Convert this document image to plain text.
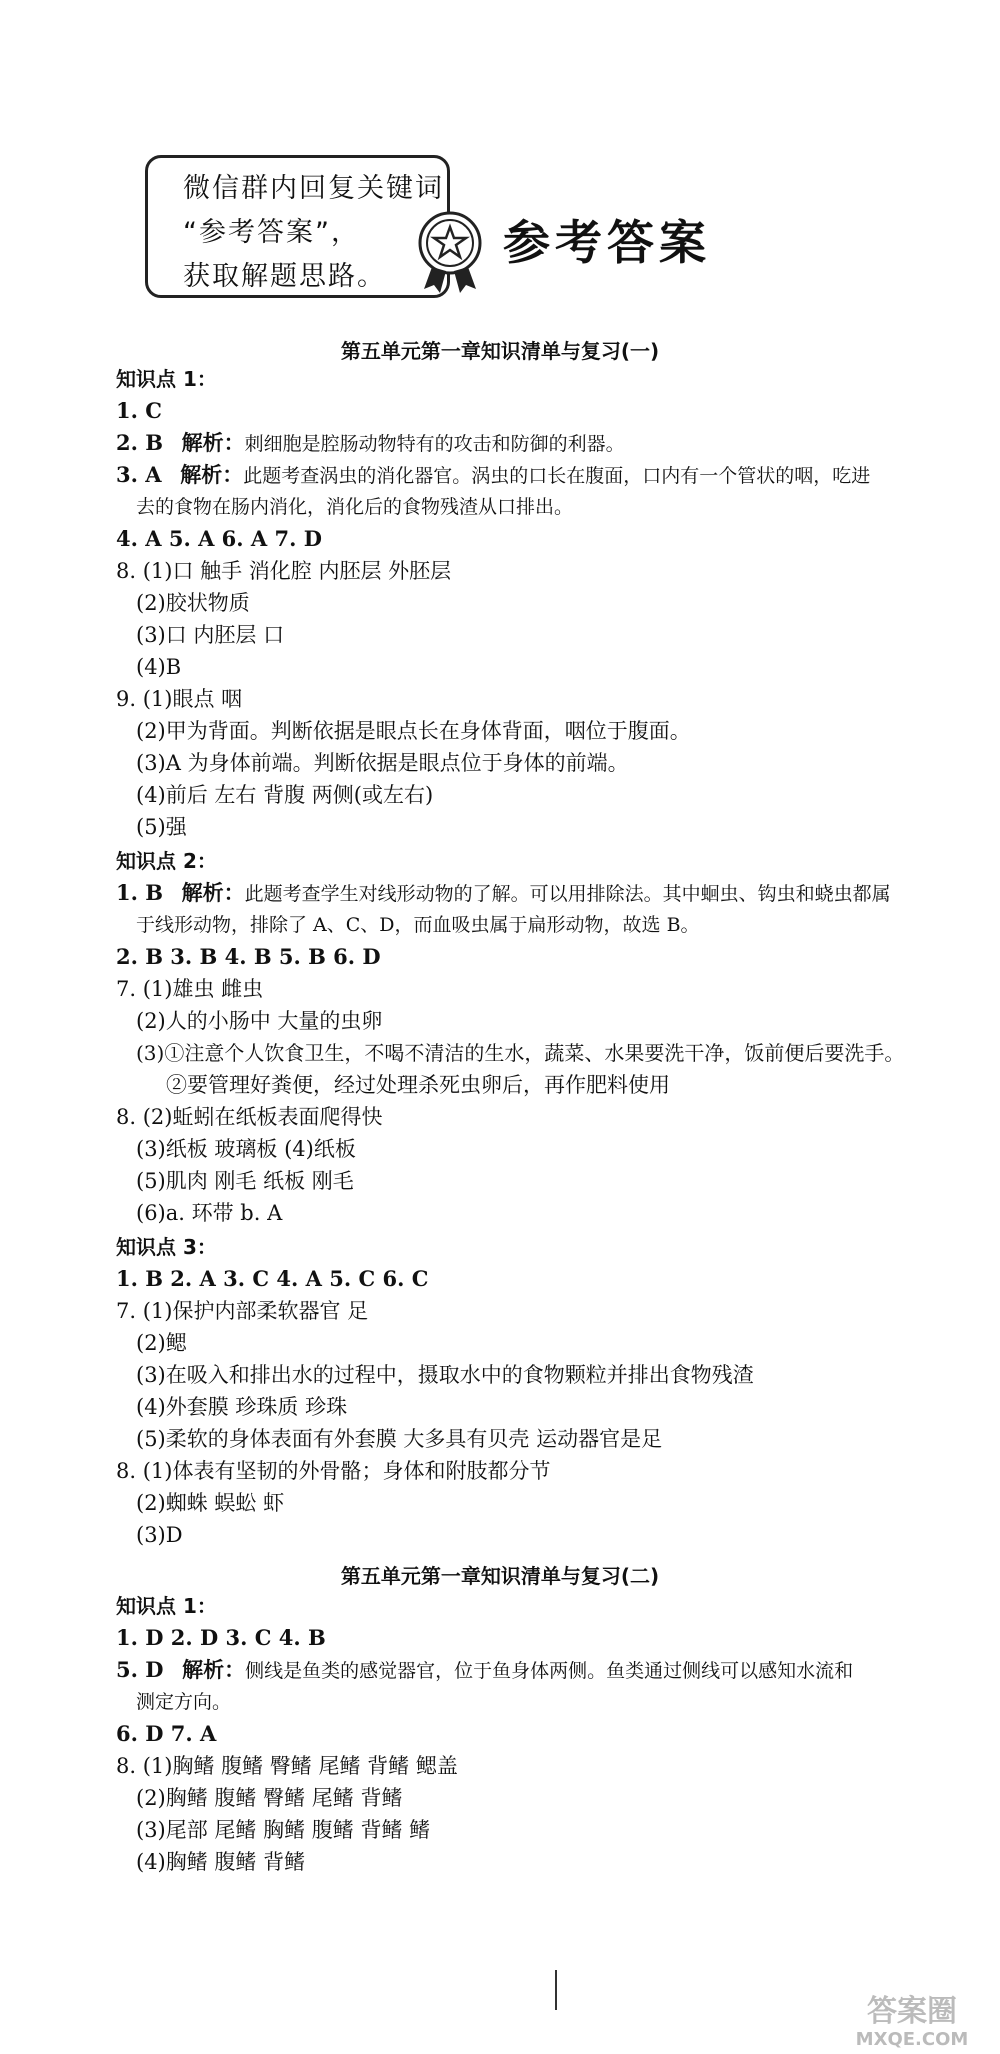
微信群内回复关键词
“参考答案”，
获取解题思路。
参考答案
第五单元第一章知识清单与复习(一)
知识点 1：
1. C
2. B 解析：刺细胞是腔肠动物特有的攻击和防御的利器。
3. A 解析：此题考查涡虫的消化器官。涡虫的口长在腹面，口内有一个管状的咽，吃进
去的食物在肠内消化，消化后的食物残渣从口排出。
4. A 5. A 6. A 7. D
8. (1)口 触手 消化腔 内胚层 外胚层
(2)胶状物质
(3)口 内胚层 口
(4)B
9. (1)眼点 咽
(2)甲为背面。判断依据是眼点长在身体背面，咽位于腹面。
(3)A 为身体前端。判断依据是眼点位于身体的前端。
(4)前后 左右 背腹 两侧(或左右)
(5)强
知识点 2：
1. B 解析：此题考查学生对线形动物的了解。可以用排除法。其中蛔虫、钩虫和蛲虫都属
于线形动物，排除了 A、C、D，而血吸虫属于扁形动物，故选 B。
2. B 3. B 4. B 5. B 6. D
7. (1)雄虫 雌虫
(2)人的小肠中 大量的虫卵
(3)①注意个人饮食卫生，不喝不清洁的生水，蔬菜、水果要洗干净，饭前便后要洗手。
②要管理好粪便，经过处理杀死虫卵后，再作肥料使用
8. (2)蚯蚓在纸板表面爬得快
(3)纸板 玻璃板 (4)纸板
(5)肌肉 刚毛 纸板 刚毛
(6)a. 环带 b. A
知识点 3：
1. B 2. A 3. C 4. A 5. C 6. C
7. (1)保护内部柔软器官 足
(2)鳃
(3)在吸入和排出水的过程中，摄取水中的食物颗粒并排出食物残渣
(4)外套膜 珍珠质 珍珠
(5)柔软的身体表面有外套膜 大多具有贝壳 运动器官是足
8. (1)体表有坚韧的外骨骼；身体和附肢都分节
(2)蜘蛛 蜈蚣 虾
(3)D
第五单元第一章知识清单与复习(二)
知识点 1：
1. D 2. D 3. C 4. B
5. D 解析：侧线是鱼类的感觉器官，位于鱼身体两侧。鱼类通过侧线可以感知水流和
测定方向。
6. D 7. A
8. (1)胸鳍 腹鳍 臀鳍 尾鳍 背鳍 鳃盖
(2)胸鳍 腹鳍 臀鳍 尾鳍 背鳍
(3)尾部 尾鳍 胸鳍 腹鳍 背鳍 鳍
(4)胸鳍 腹鳍 背鳍
答案圈
MXQE.COM
